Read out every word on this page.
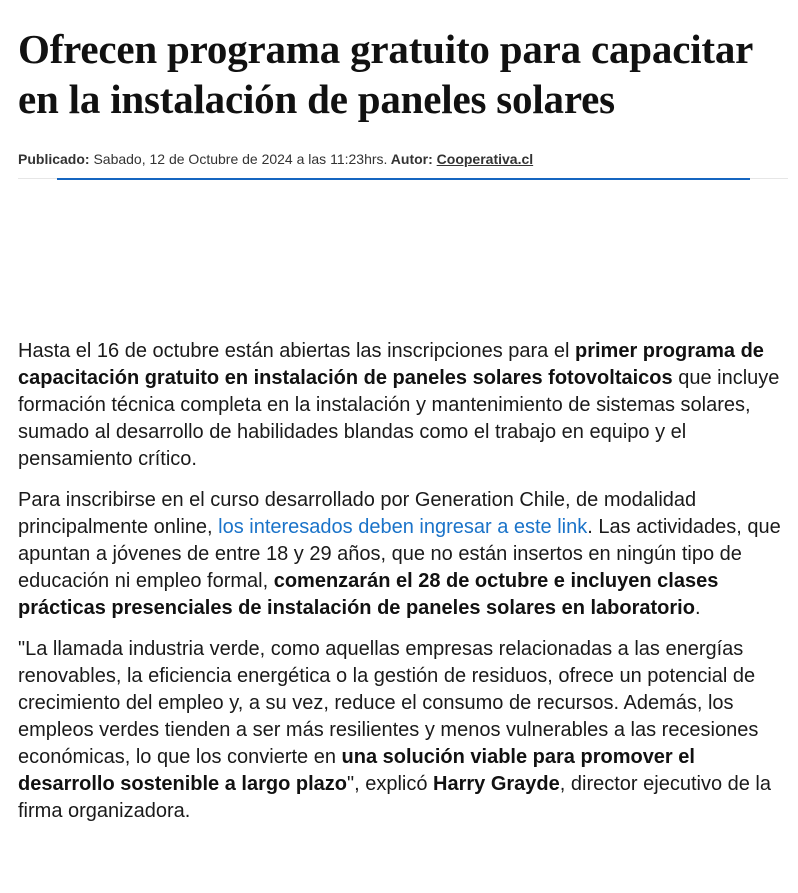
Ofrecen programa gratuito para capacitar en la instalación de paneles solares
Publicado: Sabado, 12 de Octubre de 2024 a las 11:23hrs. Autor: Cooperativa.cl

Hasta el 16 de octubre están abiertas las inscripciones para el primer programa de capacitación gratuito en instalación de paneles solares fotovoltaicos que incluye formación técnica completa en la instalación y mantenimiento de sistemas solares, sumado al desarrollo de habilidades blandas como el trabajo en equipo y el pensamiento crítico.

Para inscribirse en el curso desarrollado por Generation Chile, de modalidad principalmente online, los interesados deben ingresar a este link. Las actividades, que apuntan a jóvenes de entre 18 y 29 años, que no están insertos en ningún tipo de educación ni empleo formal, comenzarán el 28 de octubre e incluyen clases prácticas presenciales de instalación de paneles solares en laboratorio.

"La llamada industria verde, como aquellas empresas relacionadas a las energías renovables, la eficiencia energética o la gestión de residuos, ofrece un potencial de crecimiento del empleo y, a su vez, reduce el consumo de recursos. Además, los empleos verdes tienden a ser más resilientes y menos vulnerables a las recesiones económicas, lo que los convierte en una solución viable para promover el desarrollo sostenible a largo plazo", explicó Harry Grayde, director ejecutivo de la firma organizadora.
